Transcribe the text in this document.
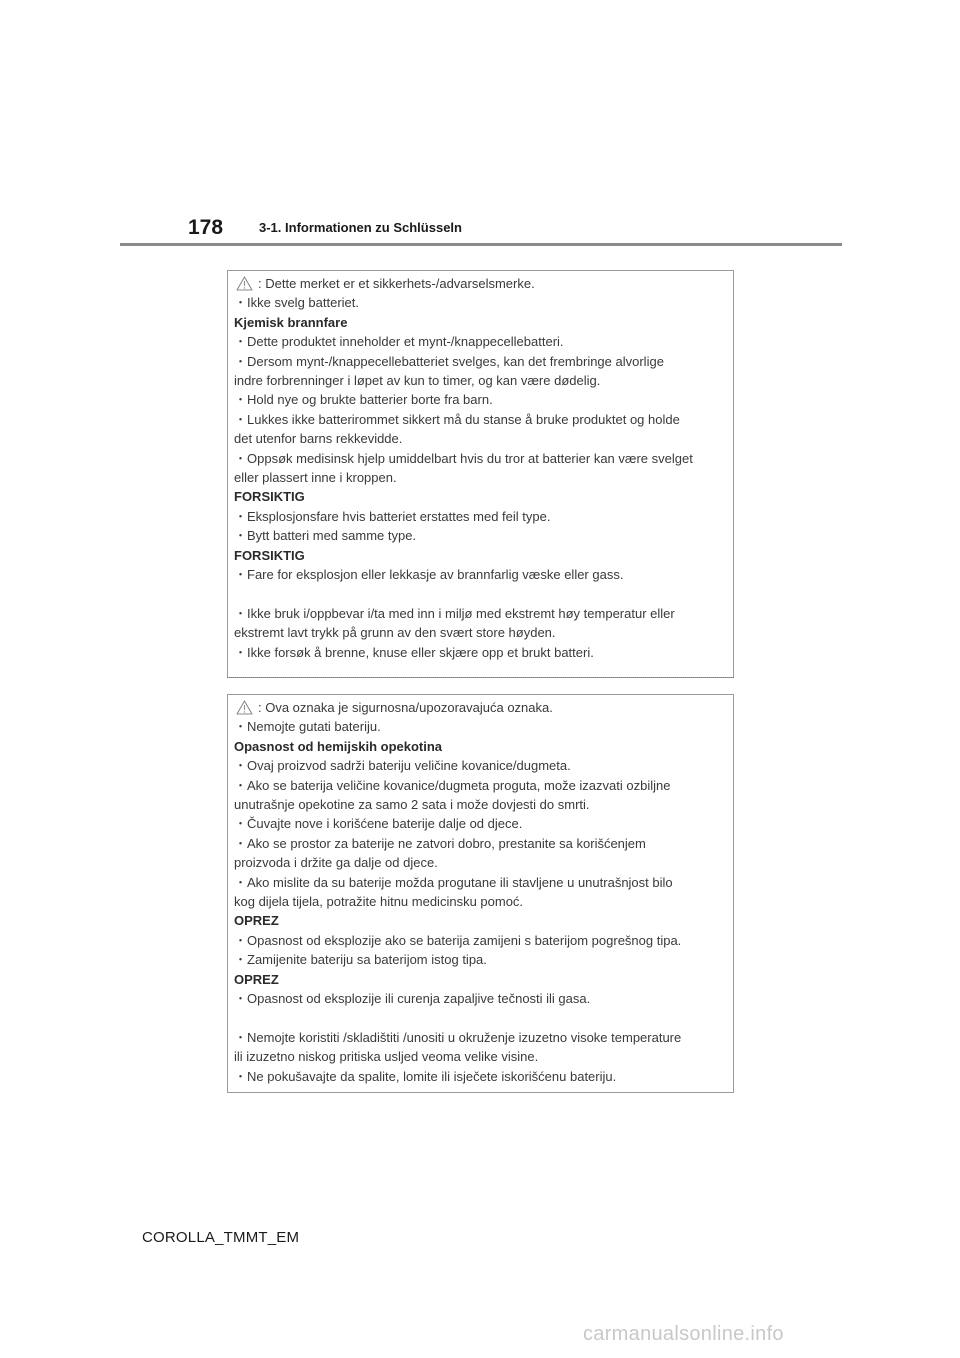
178	3-1. Informationen zu Schlüsseln
: Dette merket er et sikkerhets-/advarselsmerke.
・Ikke svelg batteriet.
Kjemisk brannfare
・Dette produktet inneholder et mynt-/knappecellebatteri.
・Dersom mynt-/knappecellebatteriet svelges, kan det frembringe alvorlige
indre forbrenninger i løpet av kun to timer, og kan være dødelig.
・Hold nye og brukte batterier borte fra barn.
・Lukkes ikke batterirommet sikkert må du stanse å bruke produktet og holde
det utenfor barns rekkevidde.
・Oppsøk medisinsk hjelp umiddelbart hvis du tror at batterier kan være svelget
eller plassert inne i kroppen.
FORSIKTIG
・Eksplosjonsfare hvis batteriet erstattes med feil type.
・Bytt batteri med samme type.
FORSIKTIG
・Fare for eksplosjon eller lekkasje av brannfarlig væske eller gass.
・Ikke bruk i/oppbevar i/ta med inn i miljø med ekstremt høy temperatur eller
ekstremt lavt trykk på grunn av den svært store høyden.
・Ikke forsøk å brenne, knuse eller skjære opp et brukt batteri.
: Ova oznaka je sigurnosna/upozoravajuća oznaka.
・Nemojte gutati bateriju.
Opasnost od hemijskih opekotina
・Ovaj proizvod sadrži bateriju veličine kovanice/dugmeta.
・Ako se baterija veličine kovanice/dugmeta proguta, može izazvati ozbiljne
unutrašnje opekotine za samo 2 sata i može dovjesti do smrti.
・Čuvajte nove i korišćene baterije dalje od djece.
・Ako se prostor za baterije ne zatvori dobro, prestanite sa korišćenjem
proizvoda i držite ga dalje od djece.
・Ako mislite da su baterije možda progutane ili stavljene u unutrašnjost bilo
kog dijela tijela, potražite hitnu medicinsku pomoć.
OPREZ
・Opasnost od eksplozije ako se baterija zamijeni s baterijom pogrešnog tipa.
・Zamijenite bateriju sa baterijom istog tipa.
OPREZ
・Opasnost od eksplozije ili curenja zapaljive tečnosti ili gasa.
・Nemojte koristiti /skladištiti /unositi u okruženje izuzetno visoke temperature
ili izuzetno niskog pritiska usljed veoma velike visine.
・Ne pokušavajte da spalite, lomite ili isječete iskorišćenu bateriju.
COROLLA_TMMT_EM
carmanualsonline.info
